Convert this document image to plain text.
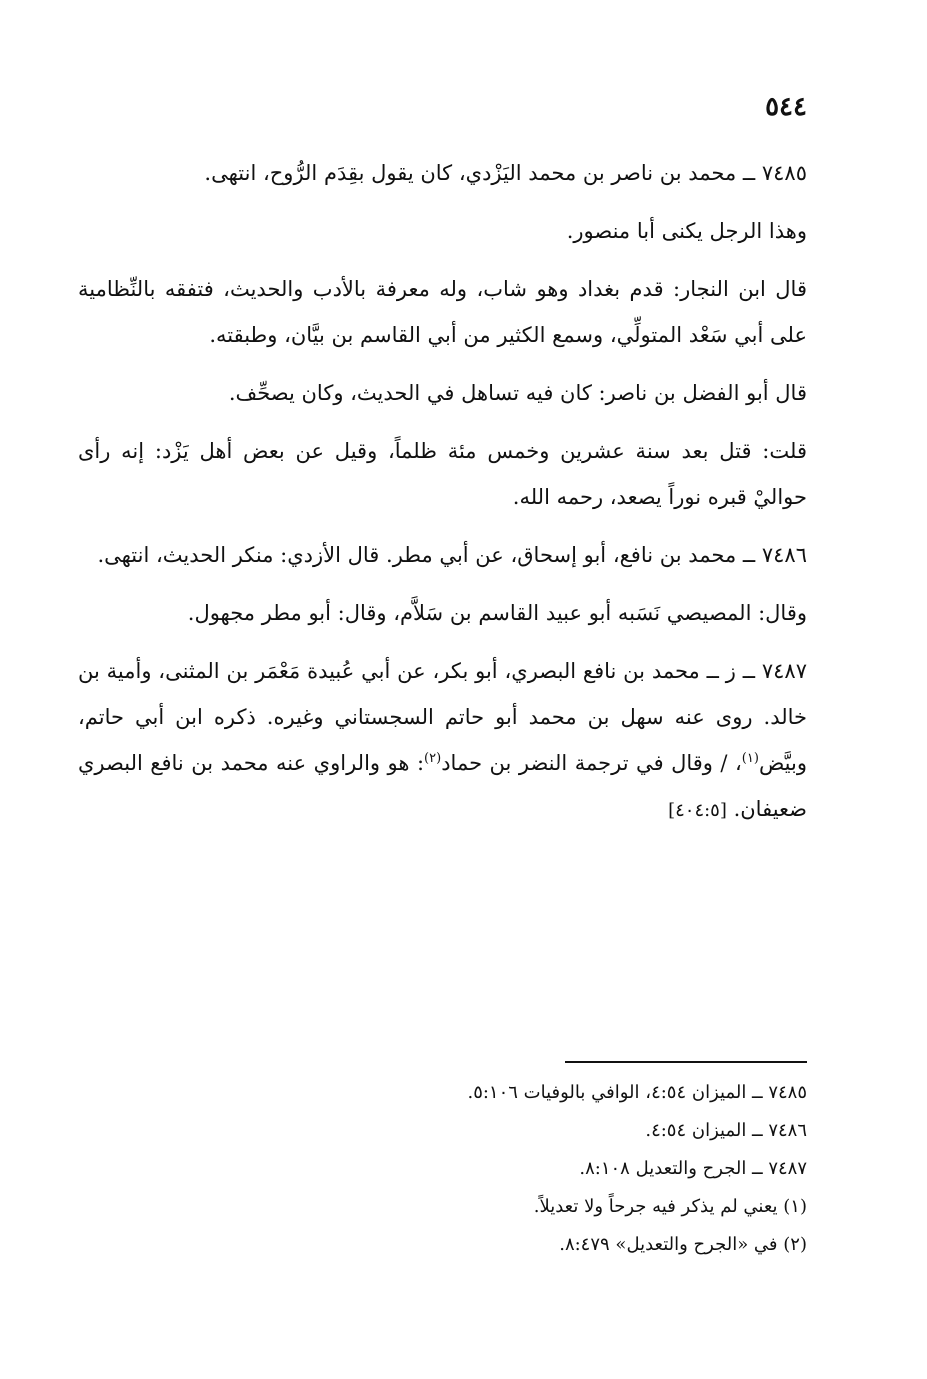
٥٤٤

٧٤٨٥ ــ محمد بن ناصر بن محمد اليَزْدي، كان يقول بقِدَم الرُّوح، انتهى.

وهذا الرجل يكنى أبا منصور.

قال ابن النجار: قدم بغداد وهو شاب، وله معرفة بالأدب والحديث، فتفقه بالنِّظامية على أبي سَعْد المتولِّي، وسمع الكثير من أبي القاسم بن بيَّان، وطبقته.

قال أبو الفضل بن ناصر: كان فيه تساهل في الحديث، وكان يصحِّف.

قلت: قتل بعد سنة عشرين وخمس مئة ظلماً، وقيل عن بعض أهل يَزْد: إنه رأى حواليْ قبره نوراً يصعد، رحمه الله.

٧٤٨٦ ــ محمد بن نافع، أبو إسحاق، عن أبي مطر. قال الأزدي: منكر الحديث، انتهى.

وقال: المصيصي نَسَبه أبو عبيد القاسم بن سَلاَّم، وقال: أبو مطر مجهول.

٧٤٨٧ ــ ز ــ محمد بن نافع البصري، أبو بكر، عن أبي عُبيدة مَعْمَر بن المثنى، وأمية بن خالد. روى عنه سهل بن محمد أبو حاتم السجستاني وغيره. ذكره ابن أبي حاتم، وبيَّض$^{(١)}$، / وقال في ترجمة النضر بن حماد$^{(٢)}$: هو والراوي عنه محمد بن نافع البصري ضعيفان. [٤٠٤:٥]

٧٤٨٥ ــ الميزان ٤:٥٤، الوافي بالوفيات ٥:١٠٦.

٧٤٨٦ ــ الميزان ٤:٥٤.

٧٤٨٧ ــ الجرح والتعديل ٨:١٠٨.

(١) يعني لم يذكر فيه جرحاً ولا تعديلاً.

(٢) في «الجرح والتعديل» ٨:٤٧٩.
